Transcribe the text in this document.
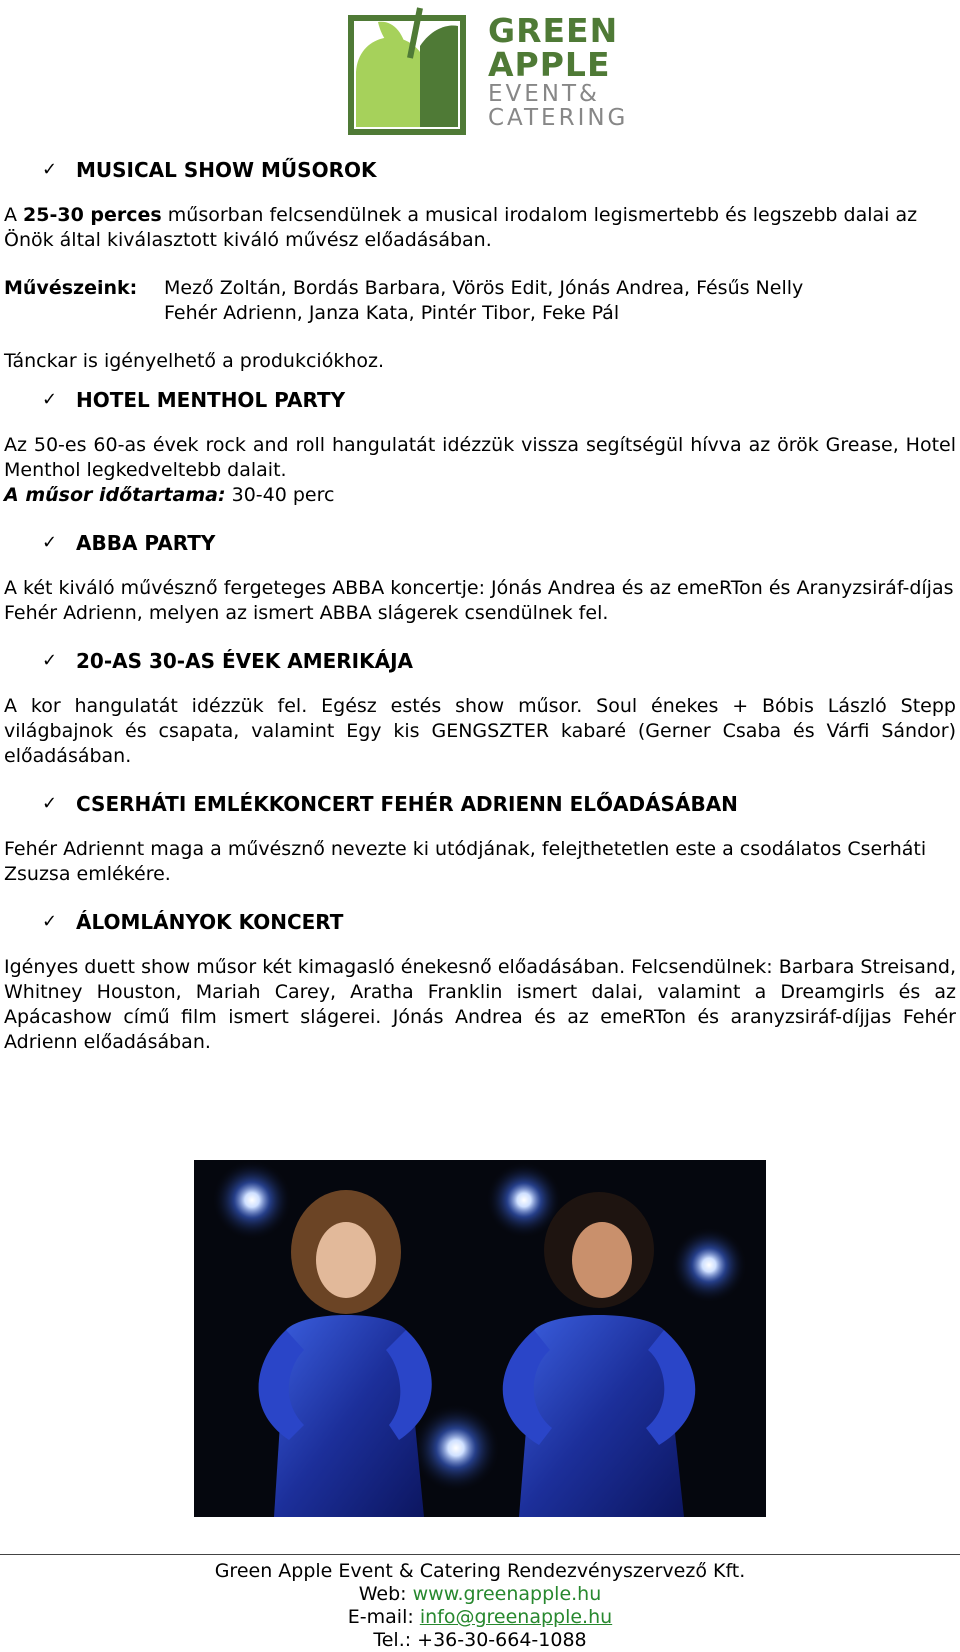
GREEN
APPLE
EVENT&
CATERING
✓ MUSICAL SHOW MŰSOROK

A 25-30 perces műsorban felcsendülnek a musical irodalom legismertebb és legszebb dalai az Önök által kiválasztott kiváló művész előadásában.

Művészeink:	Mező Zoltán, Bordás Barbara, Vörös Edit, Jónás Andrea, Fésűs Nelly
Fehér Adrienn, Janza Kata, Pintér Tibor, Feke Pál

Tánckar is igényelhető a produkciókhoz.

✓ HOTEL MENTHOL PARTY

Az 50-es 60-as évek rock and roll hangulatát idézzük vissza segítségül hívva az örök Grease, Hotel Menthol legkedveltebb dalait.

A műsor időtartama: 30-40 perc

✓ ABBA PARTY

A két kiváló művésznő fergeteges ABBA koncertje: Jónás Andrea és az emeRTon és Aranyzsiráf-díjas Fehér Adrienn, melyen az ismert ABBA slágerek csendülnek fel.

✓ 20-AS 30-AS ÉVEK AMERIKÁJA

A kor hangulatát idézzük fel. Egész estés show műsor. Soul énekes + Bóbis László Stepp világbajnok és csapata, valamint Egy kis GENGSZTER kabaré (Gerner Csaba és Várfi Sándor) előadásában.

✓ CSERHÁTI EMLÉKKONCERT FEHÉR ADRIENN ELŐADÁSÁBAN

Fehér Adriennt maga a művésznő nevezte ki utódjának, felejthetetlen este a csodálatos Cserháti Zsuzsa emlékére.

✓ ÁLOMLÁNYOK KONCERT

Igényes duett show műsor két kimagasló énekesnő előadásában. Felcsendülnek: Barbara Streisand, Whitney Houston, Mariah Carey, Aratha Franklin ismert dalai, valamint a Dreamgirls és az Apácashow című film ismert slágerei. Jónás Andrea és az emeRTon és aranyzsiráf-díjjas Fehér Adrienn előadásában.

Green Apple Event & Catering Rendezvényszervező Kft.
Web: www.greenapple.hu
E-mail: info@greenapple.hu
Tel.: +36-30-664-1088
